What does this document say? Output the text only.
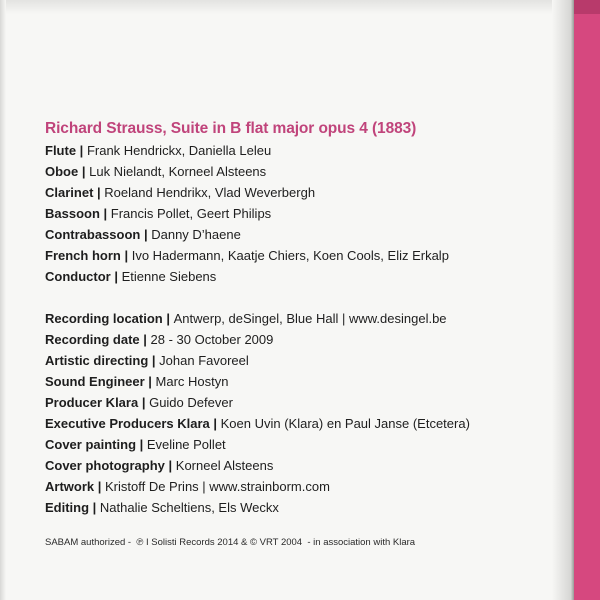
Richard Strauss, Suite in B flat major opus 4 (1883)
Flute | Frank Hendrickx, Daniella Leleu
Oboe | Luk Nielandt, Korneel Alsteens
Clarinet | Roeland Hendrikx, Vlad Weverbergh
Bassoon | Francis Pollet, Geert Philips
Contrabassoon | Danny D’haene
French horn | Ivo Hadermann, Kaatje Chiers, Koen Cools, Eliz Erkalp
Conductor | Etienne Siebens
Recording location | Antwerp, deSingel, Blue Hall | www.desingel.be
Recording date | 28 - 30 October 2009
Artistic directing | Johan Favoreel
Sound Engineer | Marc Hostyn
Producer Klara | Guido Defever
Executive Producers Klara | Koen Uvin (Klara) en Paul Janse (Etcetera)
Cover painting | Eveline Pollet
Cover photography | Korneel Alsteens
Artwork | Kristoff De Prins | www.strainborm.com
Editing | Nathalie Scheltiens, Els Weckx
SABAM authorized -  ℗ I Solisti Records 2014 & © VRT 2004  - in association with Klara
